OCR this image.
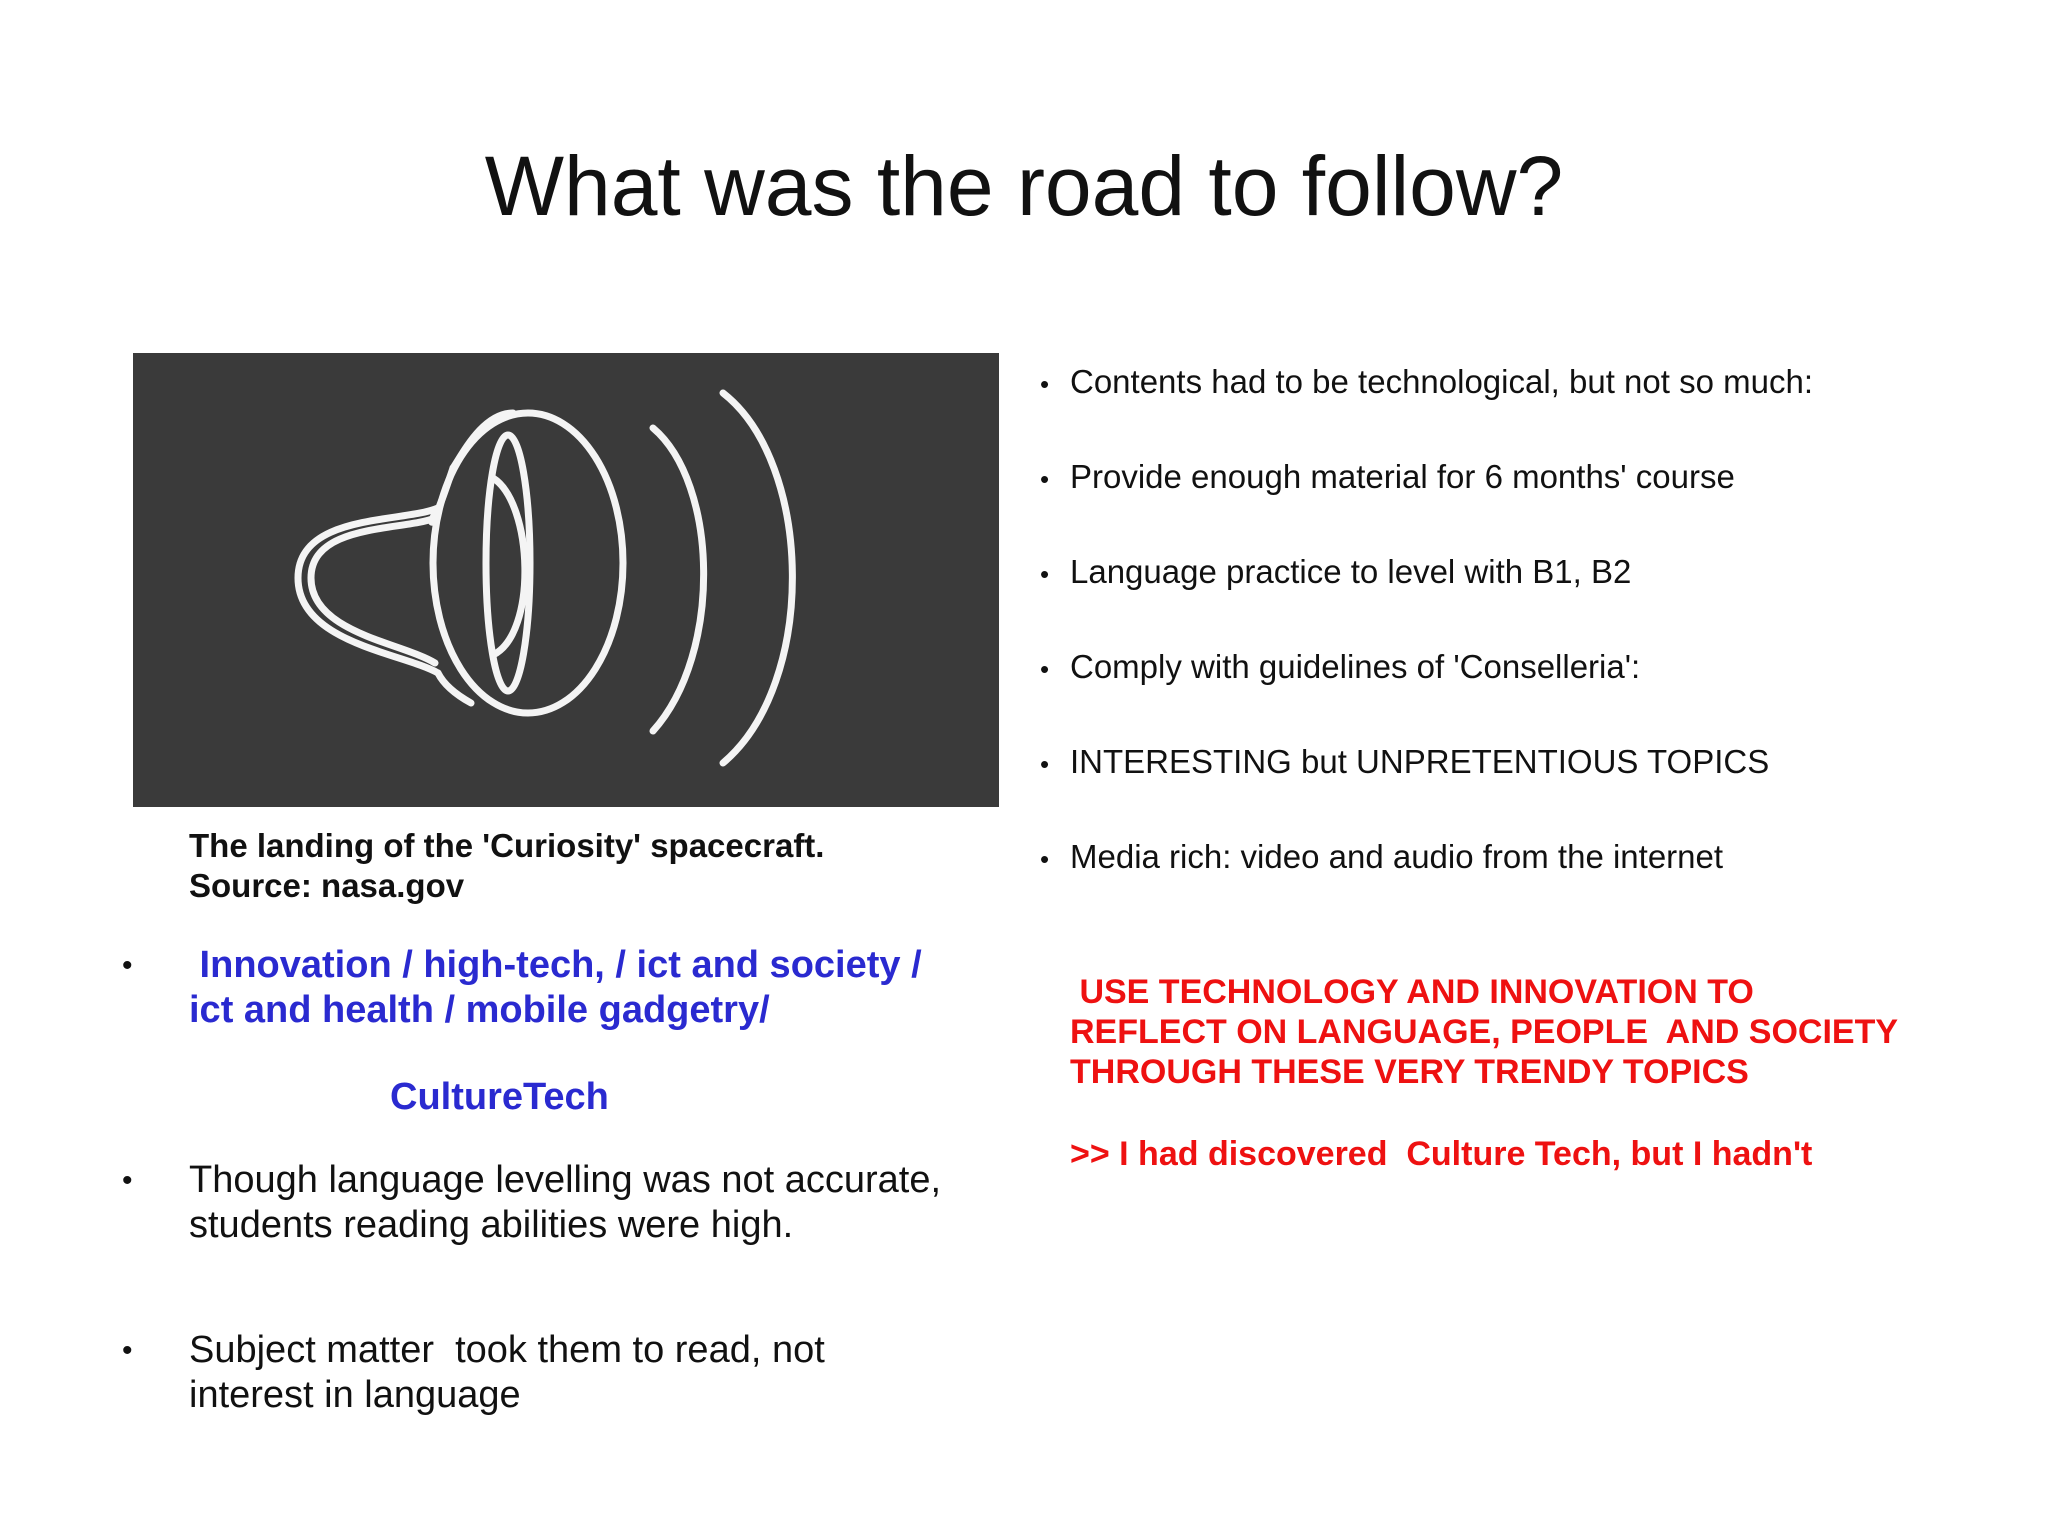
What was the road to follow?
The landing of the 'Curiosity' spacecraft.
Source: nasa.gov
• Innovation / high-tech, / ict and society /
ict and health / mobile gadgetry/
CultureTech
• Though language levelling was not accurate,
students reading abilities were high.
• Subject matter  took them to read, not
interest in language
• Contents had to be technological, but not so much:
• Provide enough material for 6 months' course
• Language practice to level with B1, B2
• Comply with guidelines of 'Conselleria':
• INTERESTING but UNPRETENTIOUS TOPICS
• Media rich: video and audio from the internet
USE TECHNOLOGY AND INNOVATION TO
REFLECT ON LANGUAGE, PEOPLE  AND SOCIETY
THROUGH THESE VERY TRENDY TOPICS
>> I had discovered  Culture Tech, but I hadn't
